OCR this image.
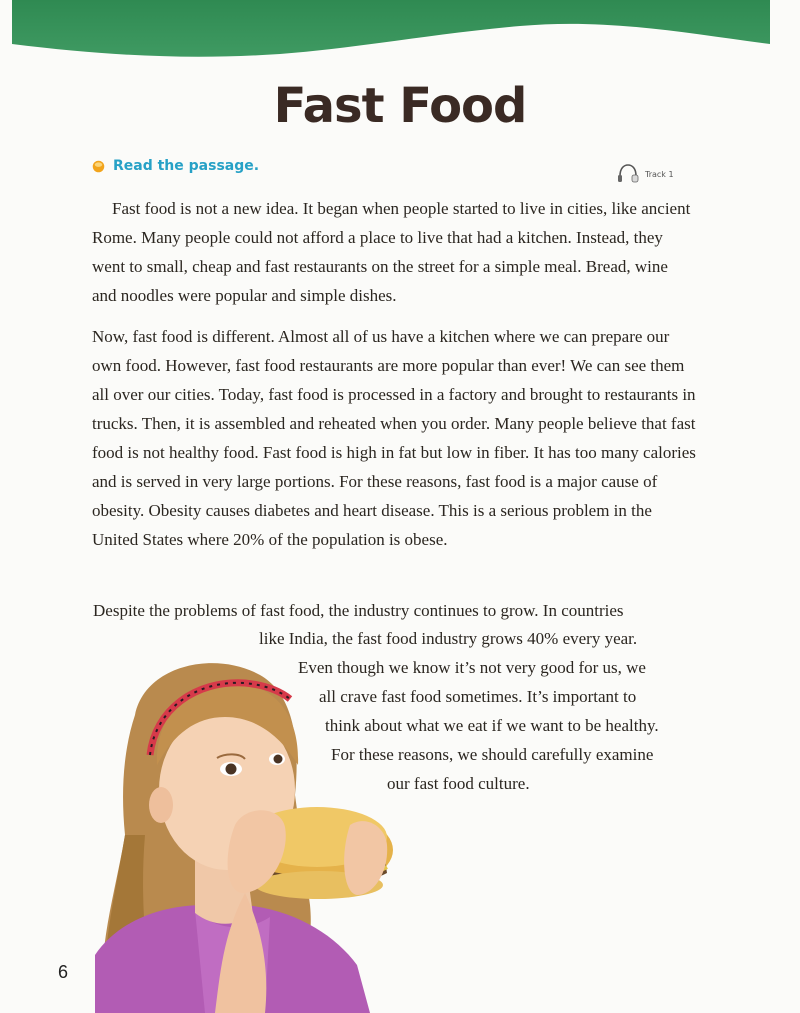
Fast Food
Read the passage.	Track 1

Fast food is not a new idea. It began when people started to live in cities, like ancient Rome. Many people could not afford a place to live that had a kitchen. Instead, they went to small, cheap and fast restaurants on the street for a simple meal. Bread, wine and noodles were popular and simple dishes.

Now, fast food is different. Almost all of us have a kitchen where we can prepare our own food. However, fast food restaurants are more popular than ever! We can see them all over our cities. Today, fast food is processed in a factory and brought to restaurants in trucks. Then, it is assembled and reheated when you order. Many people believe that fast food is not healthy food. Fast food is high in fat but low in fiber. It has too many calories and is served in very large portions. For these reasons, fast food is a major cause of obesity. Obesity causes diabetes and heart disease. This is a serious problem in the United States where 20% of the population is obese.

Despite the problems of fast food, the industry continues to grow. In countries

like India, the fast food industry grows 40% every year.

Even though we know it’s not very good for us, we

all crave fast food sometimes. It’s important to

think about what we eat if we want to be healthy.

For these reasons, we should carefully examine

our fast food culture.

6
